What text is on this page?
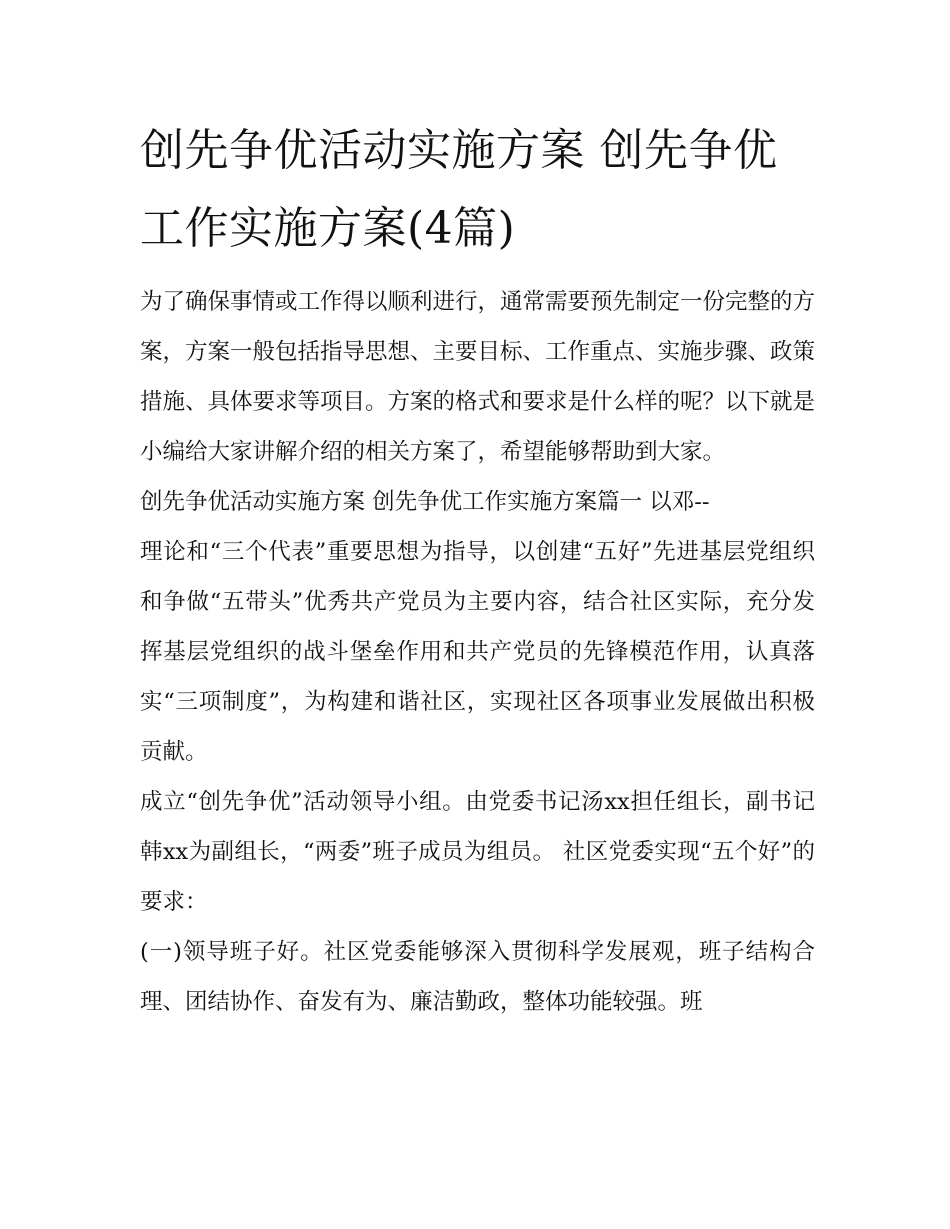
创先争优活动实施方案 创先争优工作实施方案(4篇)

为了确保事情或工作得以顺利进行，通常需要预先制定一份完整的方案，方案一般包括指导思想、主要目标、工作重点、实施步骤、政策措施、具体要求等项目。方案的格式和要求是什么样的呢？以下就是小编给大家讲解介绍的相关方案了，希望能够帮助到大家。

创先争优活动实施方案 创先争优工作实施方案篇一 以邓--

理论和“三个代表”重要思想为指导，以创建“五好”先进基层党组织和争做“五带头”优秀共产党员为主要内容，结合社区实际，充分发挥基层党组织的战斗堡垒作用和共产党员的先锋模范作用，认真落实“三项制度”，为构建和谐社区，实现社区各项事业发展做出积极贡献。

成立“创先争优”活动领导小组。由党委书记汤xx担任组长，副书记韩xx为副组长，“两委”班子成员为组员。 社区党委实现“五个好”的要求：

(一)领导班子好。社区党委能够深入贯彻科学发展观，班子结构合理、团结协作、奋发有为、廉洁勤政，整体功能较强。班
